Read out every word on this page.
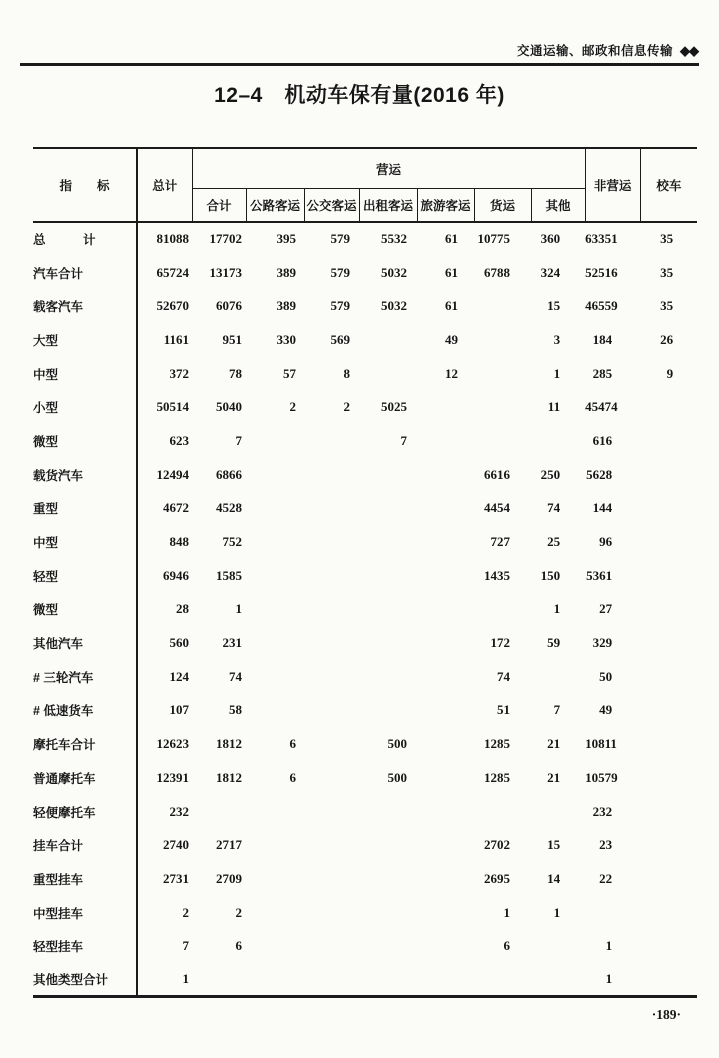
交通运输、邮政和信息传输 ◆◆
12–4　机动车保有量(2016 年)
指　　标	总计	营运							非营运	校车
		合计	公路客运	公交客运	出租客运	旅游客运	货运	其他		
总　　　计	81088	17702	395	579	5532	61	10775	360	63351	35
汽车合计	65724	13173	389	579	5032	61	6788	324	52516	35
载客汽车	52670	6076	389	579	5032	61		15	46559	35
大型	1161	951	330	569		49		3	184	26
中型	372	78	57	8		12		1	285	9
小型	50514	5040	2	2	5025			11	45474	
微型	623	7			7				616	
载货汽车	12494	6866					6616	250	5628	
重型	4672	4528					4454	74	144	
中型	848	752					727	25	96	
轻型	6946	1585					1435	150	5361	
微型	28	1						1	27	
其他汽车	560	231					172	59	329	
# 三轮汽车	124	74					74		50	
# 低速货车	107	58					51	7	49	
摩托车合计	12623	1812	6		500		1285	21	10811	
普通摩托车	12391	1812	6		500		1285	21	10579	
轻便摩托车	232								232	
挂车合计	2740	2717					2702	15	23	
重型挂车	2731	2709					2695	14	22	
中型挂车	2	2					1	1		
轻型挂车	7	6					6		1	
其他类型合计	1								1	
·189·
